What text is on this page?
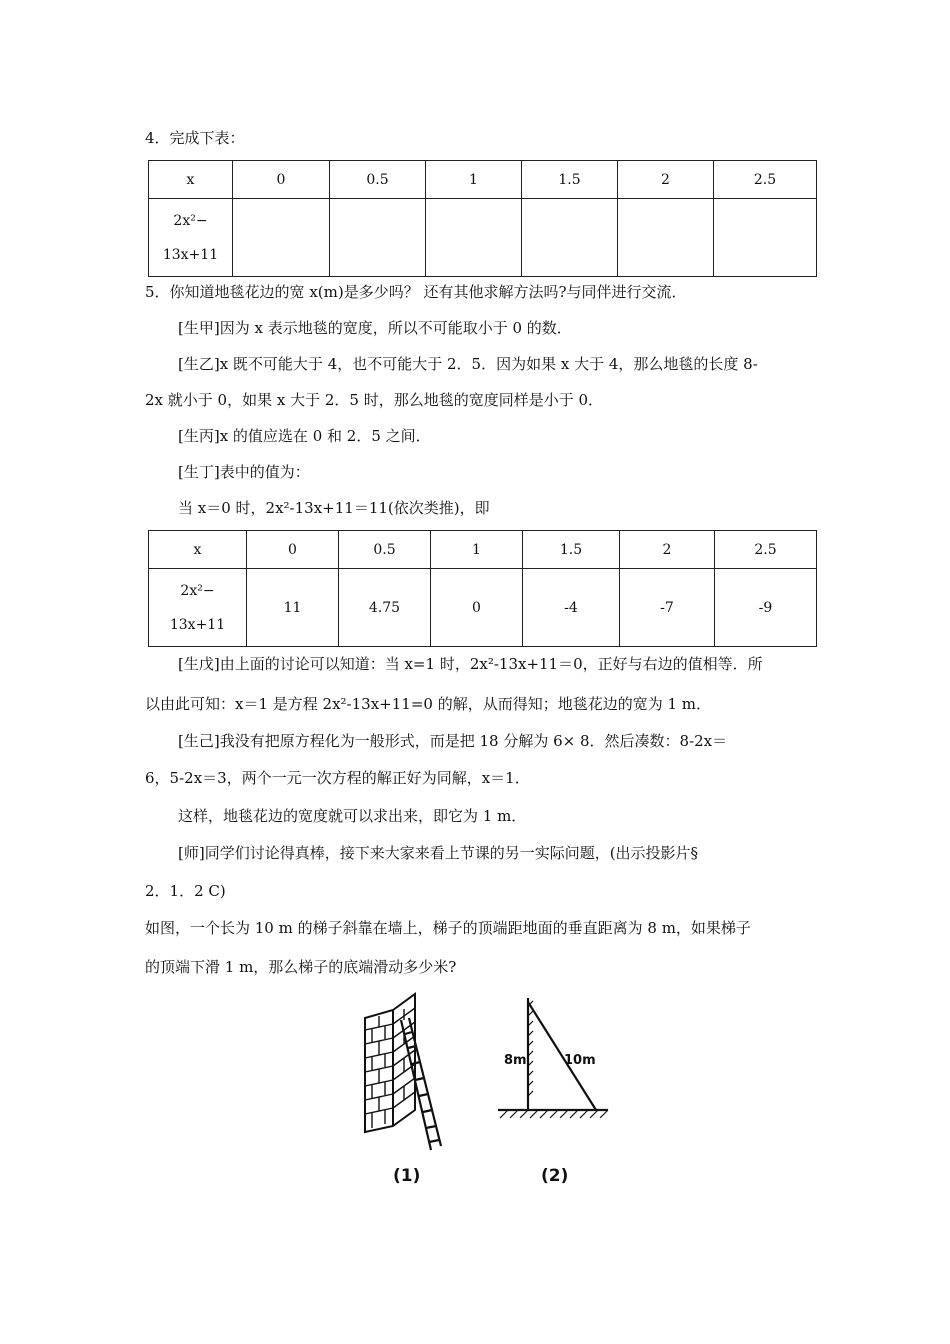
4．完成下表：
x	0	0.5	1	1.5	2	2.5

2x²−
13x+11						

5．你知道地毯花边的宽 x(m)是多少吗？ 还有其他求解方法吗?与同伴进行交流．
[生甲]因为 x 表示地毯的宽度，所以不可能取小于 0 的数．
[生乙]x 既不可能大于 4，也不可能大于 2．5．因为如果 x 大于 4，那么地毯的长度 8-
2x 就小于 0，如果 x 大于 2．5 时，那么地毯的宽度同样是小于 0．
[生丙]x 的值应选在 0 和 2．5 之间．
[生丁]表中的值为：
当 x＝0 时，2x²-13x+11＝11(依次类推)，即
x	0	0.5	1	1.5	2	2.5

2x²−
13x+11	11	4.75	0	-4	-7	-9
[生戊]由上面的讨论可以知道：当 x=1 时，2x²-13x+11＝0，正好与右边的值相等．所
以由此可知：x＝1 是方程 2x²-13x+11=0 的解，从而得知；地毯花边的宽为 1 m．
[生己]我没有把原方程化为一般形式，而是把 18 分解为 6× 8．然后凑数：8-2x＝
6，5-2x＝3，两个一元一次方程的解正好为同解，x＝1．
这样，地毯花边的宽度就可以求出来，即它为 1 m．
[师]同学们讨论得真棒，接下来大家来看上节课的另一实际问题，(出示投影片§
2．1．2 C)
如图，一个长为 10 m 的梯子斜靠在墙上，梯子的顶端距地面的垂直距离为 8 m，如果梯子
的顶端下滑 1 m，那么梯子的底端滑动多少米?
8m	10m
(1)	(2)
